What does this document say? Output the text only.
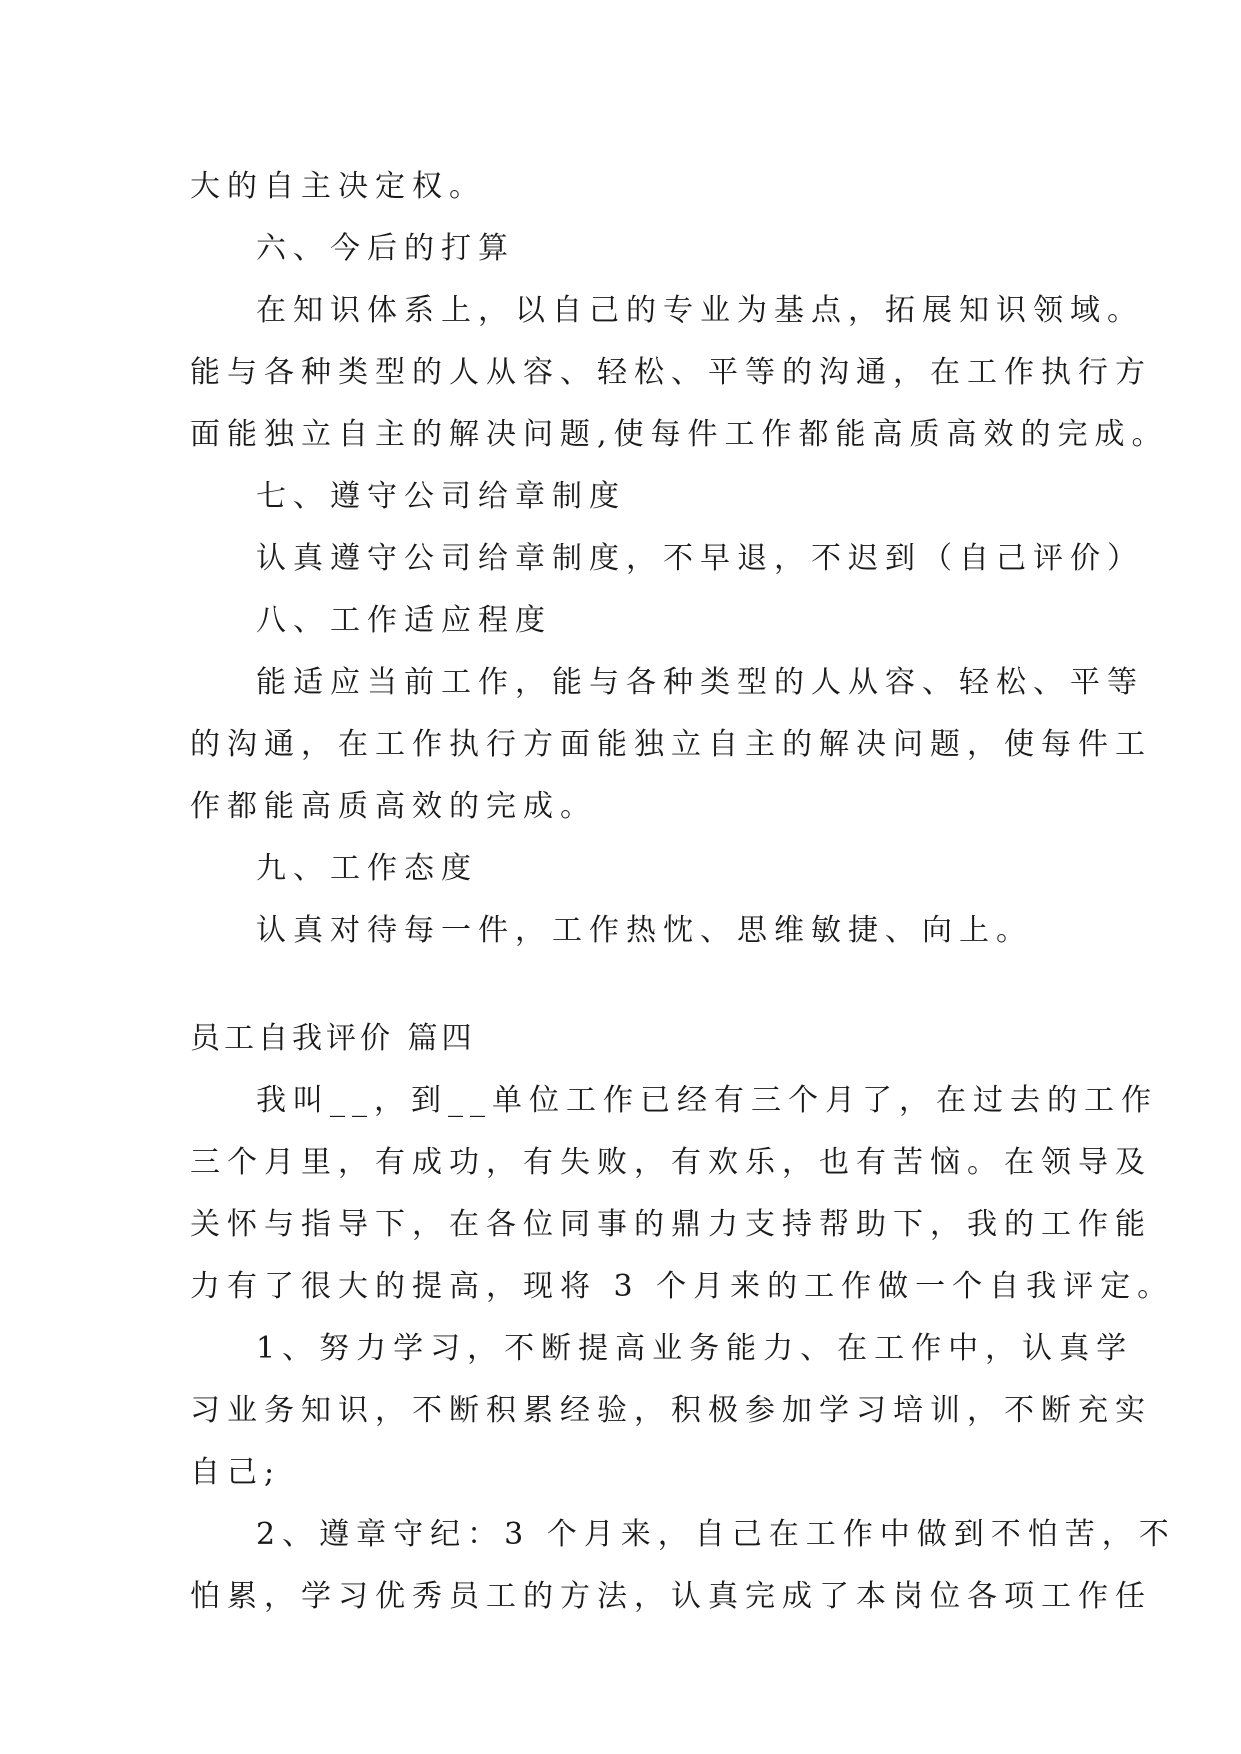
大的自主决定权。
六、今后的打算
在知识体系上，以自己的专业为基点，拓展知识领域。
能与各种类型的人从容、轻松、平等的沟通，在工作执行方
面能独立自主的解决问题,使每件工作都能高质高效的完成。
七、遵守公司给章制度
认真遵守公司给章制度，不早退，不迟到（自己评价）
八、工作适应程度
能适应当前工作，能与各种类型的人从容、轻松、平等
的沟通，在工作执行方面能独立自主的解决问题，使每件工
作都能高质高效的完成。
九、工作态度
认真对待每一件，工作热忱、思维敏捷、向上。
员工自我评价 篇四
我叫__，到__单位工作已经有三个月了，在过去的工作
三个月里，有成功，有失败，有欢乐，也有苦恼。在领导及
关怀与指导下，在各位同事的鼎力支持帮助下，我的工作能
力有了很大的提高，现将 3 个月来的工作做一个自我评定。
1、努力学习，不断提高业务能力、在工作中，认真学
习业务知识，不断积累经验，积极参加学习培训，不断充实
自己;
2、遵章守纪：3 个月来，自己在工作中做到不怕苦，不
怕累，学习优秀员工的方法，认真完成了本岗位各项工作任
